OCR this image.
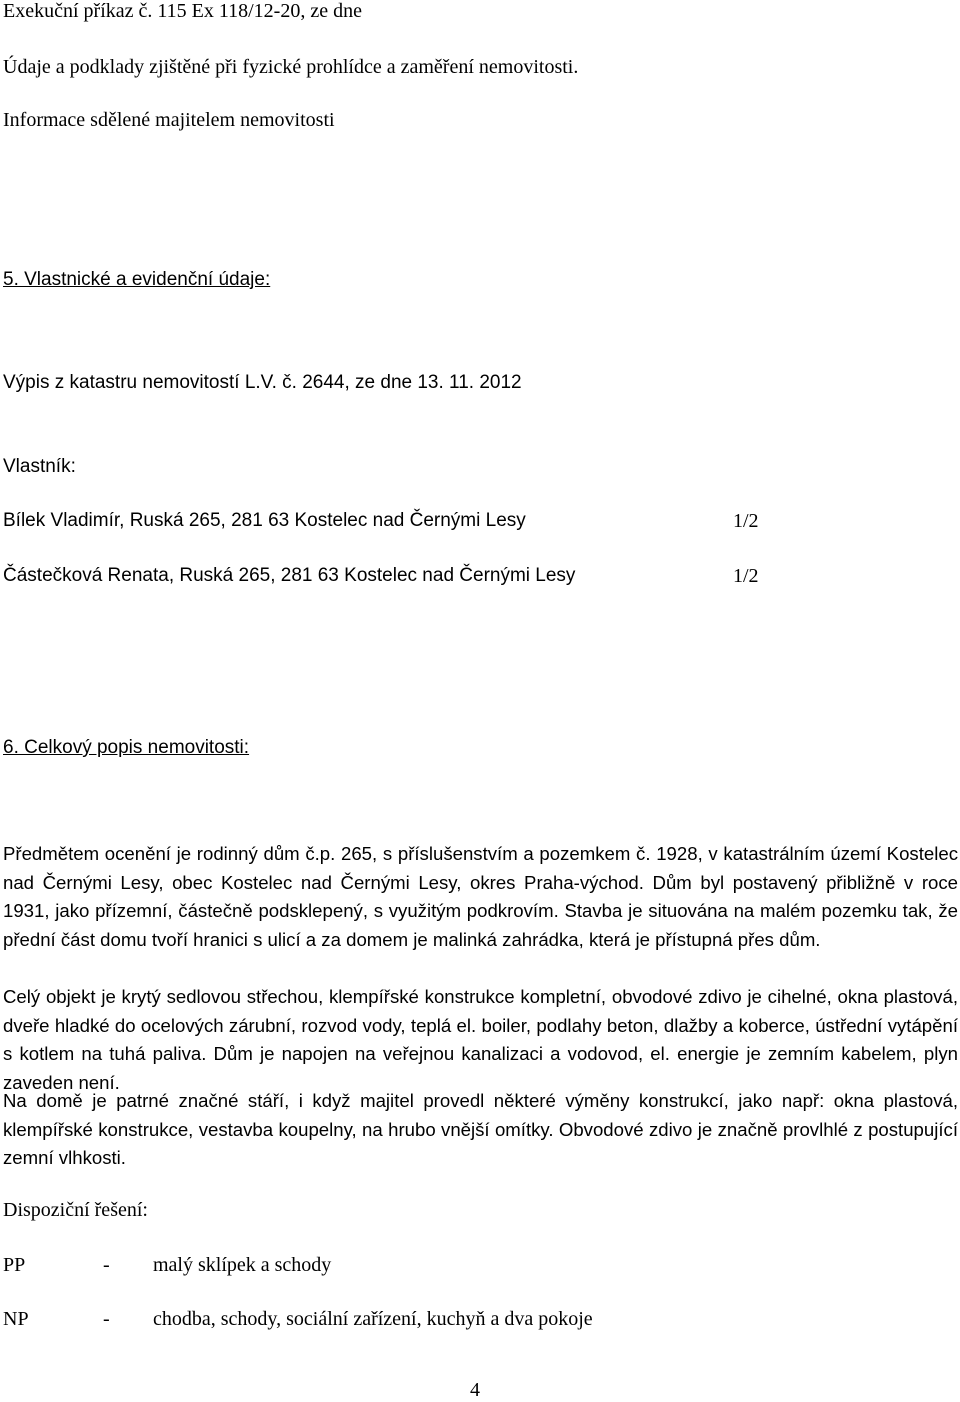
Exekuční příkaz č. 115 Ex 118/12-20, ze dne
Údaje a podklady zjištěné při fyzické prohlídce a zaměření nemovitosti.
Informace sdělené majitelem nemovitosti
5. Vlastnické a evidenční údaje:
Výpis z katastru nemovitostí L.V. č. 2644, ze dne 13. 11. 2012
Vlastník:
Bílek Vladimír, Ruská 265, 281 63 Kostelec nad Černými Lesy	1/2
Částečková Renata, Ruská 265, 281 63 Kostelec nad Černými Lesy	1/2
6. Celkový popis nemovitosti:

Předmětem ocenění je rodinný dům č.p. 265, s příslušenstvím a pozemkem č. 1928, v katastrálním území Kostelec nad Černými Lesy, obec Kostelec nad Černými Lesy, okres Praha-východ. Dům byl postavený přibližně v roce 1931, jako přízemní, částečně podsklepený, s využitým podkrovím. Stavba je situována na malém pozemku tak, že přední část domu tvoří hranici s ulicí a za domem je malinká zahrádka, která je přístupná přes dům.

Celý objekt je krytý sedlovou střechou, klempířské konstrukce kompletní, obvodové zdivo je cihelné, okna plastová, dveře hladké do ocelových zárubní, rozvod vody, teplá el. boiler, podlahy beton, dlažby a koberce, ústřední vytápění s kotlem na tuhá paliva. Dům je napojen na veřejnou kanalizaci a vodovod, el. energie je zemním kabelem, plyn zaveden není.

Na domě je patrné značné stáří, i když majitel provedl některé výměny konstrukcí, jako např: okna plastová, klempířské konstrukce, vestavba koupelny, na hrubo vnější omítky. Obvodové zdivo je značně provlhlé z postupující zemní vlhkosti.

Dispoziční řešení:
PP	- malý sklípek a schody
NP	- chodba, schody, sociální zařízení, kuchyň a dva pokoje
4
